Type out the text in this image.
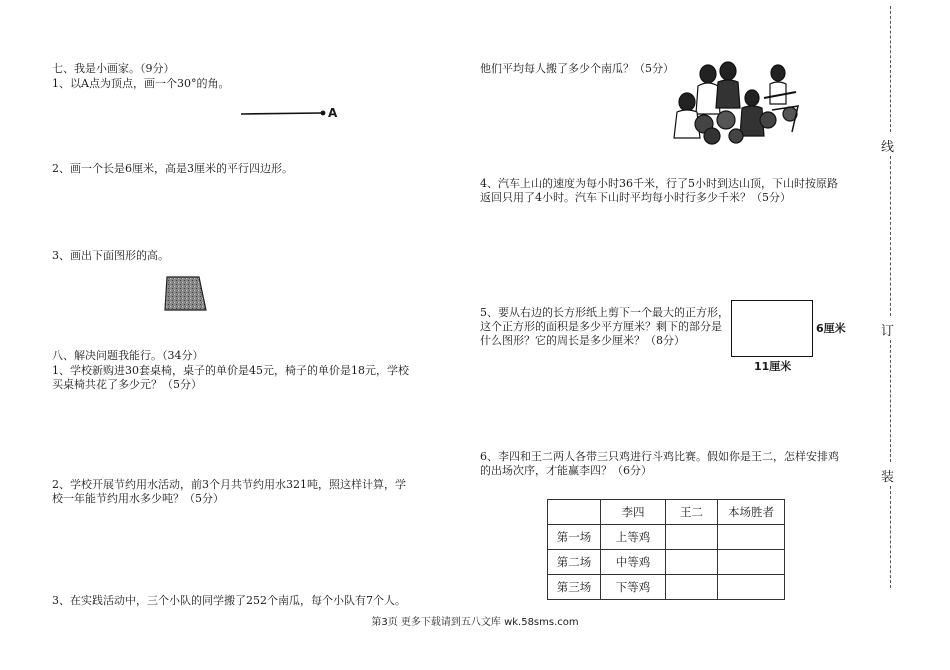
七、我是小画家。（9分）
1、以A点为顶点，画一个30°的角。
A
2、画一个长是6厘米，高是3厘米的平行四边形。
3、画出下面图形的高。
八、解决问题我能行。（34分）
1、学校新购进30套桌椅，桌子的单价是45元，椅子的单价是18元，学校
买桌椅共花了多少元？（5分）
2、学校开展节约用水活动，前3个月共节约用水321吨，照这样计算，学
校一年能节约用水多少吨？（5分）
3、在实践活动中，三个小队的同学搬了252个南瓜，每个小队有7个人。
他们平均每人搬了多少个南瓜？（5分）
4、汽车上山的速度为每小时36千米，行了5小时到达山顶，下山时按原路
返回只用了4小时。汽车下山时平均每小时行多少千米？（5分）
5、要从右边的长方形纸上剪下一个最大的正方形，
这个正方形的面积是多少平方厘米？剩下的部分是
什么图形？它的周长是多少厘米？（8分）
6厘米
11厘米
6、李四和王二两人各带三只鸡进行斗鸡比赛。假如你是王二，怎样安排鸡
的出场次序，才能赢李四？（6分）
	李四	王二	本场胜者
第一场	上等鸡		
第二场	中等鸡		
第三场	下等鸡		
线
订
装
第3页 更多下载请到五八文库 wk.58sms.com
